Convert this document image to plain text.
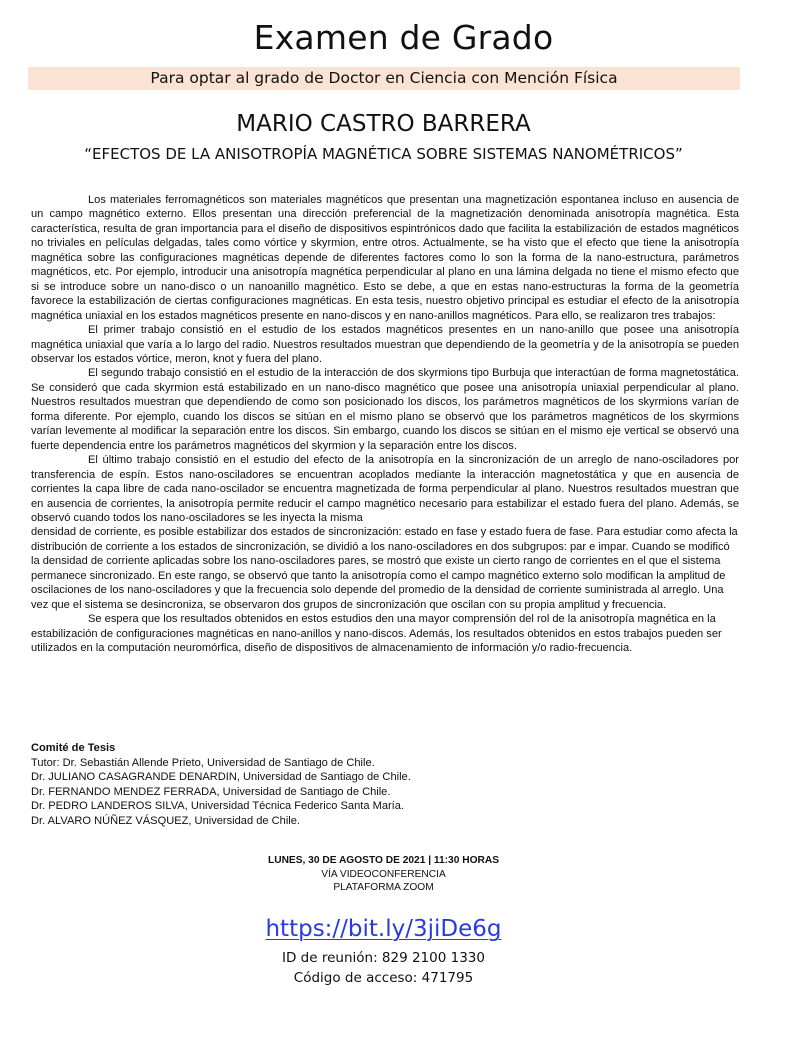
Examen de Grado
Para optar al grado de Doctor en Ciencia con Mención Física
MARIO CASTRO BARRERA
“EFECTOS DE LA ANISOTROPÍA MAGNÉTICA SOBRE SISTEMAS NANOMÉTRICOS”

Los materiales ferromagnéticos son materiales magnéticos que presentan una magnetización espontanea incluso en ausencia de un campo magnético externo. Ellos presentan una dirección preferencial de la magnetización denominada anisotropía magnética. Esta característica, resulta de gran importancia para el diseño de dispositivos espintrónicos dado que facilita la estabilización de estados magnéticos no triviales en películas delgadas, tales como vórtice y skyrmion, entre otros. Actualmente, se ha visto que el efecto que tiene la anisotropía magnética sobre las configuraciones magnéticas depende de diferentes factores como lo son la forma de la nano-estructura, parámetros magnéticos, etc. Por ejemplo, introducir una anisotropía magnética perpendicular al plano en una lámina delgada no tiene el mismo efecto que si se introduce sobre un nano-disco o un nanoanillo magnético. Esto se debe, a que en estas nano-estructuras la forma de la geometría favorece la estabilización de ciertas configuraciones magnéticas. En esta tesis, nuestro objetivo principal es estudiar el efecto de la anisotropía magnética uniaxial en los estados magnéticos presente en nano-discos y en nano-anillos magnéticos. Para ello, se realizaron tres trabajos:

El primer trabajo consistió en el estudio de los estados magnéticos presentes en un nano-anillo que posee una anisotropía magnética uniaxial que varía a lo largo del radio. Nuestros resultados muestran que dependiendo de la geometría y de la anisotropía se pueden observar los estados vórtice, meron, knot y fuera del plano.

El segundo trabajo consistió en el estudio de la interacción de dos skyrmions tipo Burbuja que interactúan de forma magnetostática. Se consideró que cada skyrmion está estabilizado en un nano-disco magnético que posee una anisotropía uniaxial perpendicular al plano. Nuestros resultados muestran que dependiendo de como son posicionado los discos, los parámetros magnéticos de los skyrmions varían de forma diferente. Por ejemplo, cuando los discos se sitúan en el mismo plano se observó que los parámetros magnéticos de los skyrmions varían levemente al modificar la separación entre los discos. Sin embargo, cuando los discos se sitúan en el mismo eje vertical se observó una fuerte dependencia entre los parámetros magnéticos del skyrmion y la separación entre los discos.

El último trabajo consistió en el estudio del efecto de la anisotropía en la sincronización de un arreglo de nano-osciladores por transferencia de espín. Estos nano-osciladores se encuentran acoplados mediante la interacción magnetostática y que en ausencia de corrientes la capa libre de cada nano-oscilador se encuentra magnetizada de forma perpendicular al plano. Nuestros resultados muestran que en ausencia de corrientes, la anisotropía permite reducir el campo magnético necesario para estabilizar el estado fuera del plano. Además, se observó cuando todos los nano-osciladores se les inyecta la misma

densidad de corriente, es posible estabilizar dos estados de sincronización: estado en fase y estado fuera de fase. Para estudiar como afecta la distribución de corriente a los estados de sincronización, se dividió a los nano-osciladores en dos subgrupos: par e impar. Cuando se modificó la densidad de corriente aplicadas sobre los nano-osciladores pares, se mostró que existe un cierto rango de corrientes en el que el sistema permanece sincronizado. En este rango, se observó que tanto la anisotropía como el campo magnético externo solo modifican la amplitud de oscilaciones de los nano-osciladores y que la frecuencia solo depende del promedio de la densidad de corriente suministrada al arreglo. Una vez que el sistema se desincroniza, se observaron dos grupos de sincronización que oscilan con su propia amplitud y frecuencia.

Se espera que los resultados obtenidos en estos estudios den una mayor comprensión del rol de la anisotropía magnética en la estabilización de configuraciones magnéticas en nano-anillos y nano-discos. Además, los resultados obtenidos en estos trabajos pueden ser utilizados en la computación neuromórfica, diseño de dispositivos de almacenamiento de información y/o radio-frecuencia.

Comité de Tesis
Tutor: Dr. Sebastián Allende Prieto, Universidad de Santiago de Chile.
Dr. JULIANO CASAGRANDE DENARDIN, Universidad de Santiago de Chile.
Dr. FERNANDO MENDEZ FERRADA, Universidad de Santiago de Chile.
Dr. PEDRO LANDEROS SILVA, Universidad Técnica Federico Santa María.
Dr. ALVARO NÚÑEZ VÁSQUEZ, Universidad de Chile.
LUNES, 30 DE AGOSTO DE 2021 | 11:30 HORAS
VÍA VIDEOCONFERENCIA
PLATAFORMA ZOOM
https://bit.ly/3jiDe6g
ID de reunión: 829 2100 1330
Código de acceso: 471795
